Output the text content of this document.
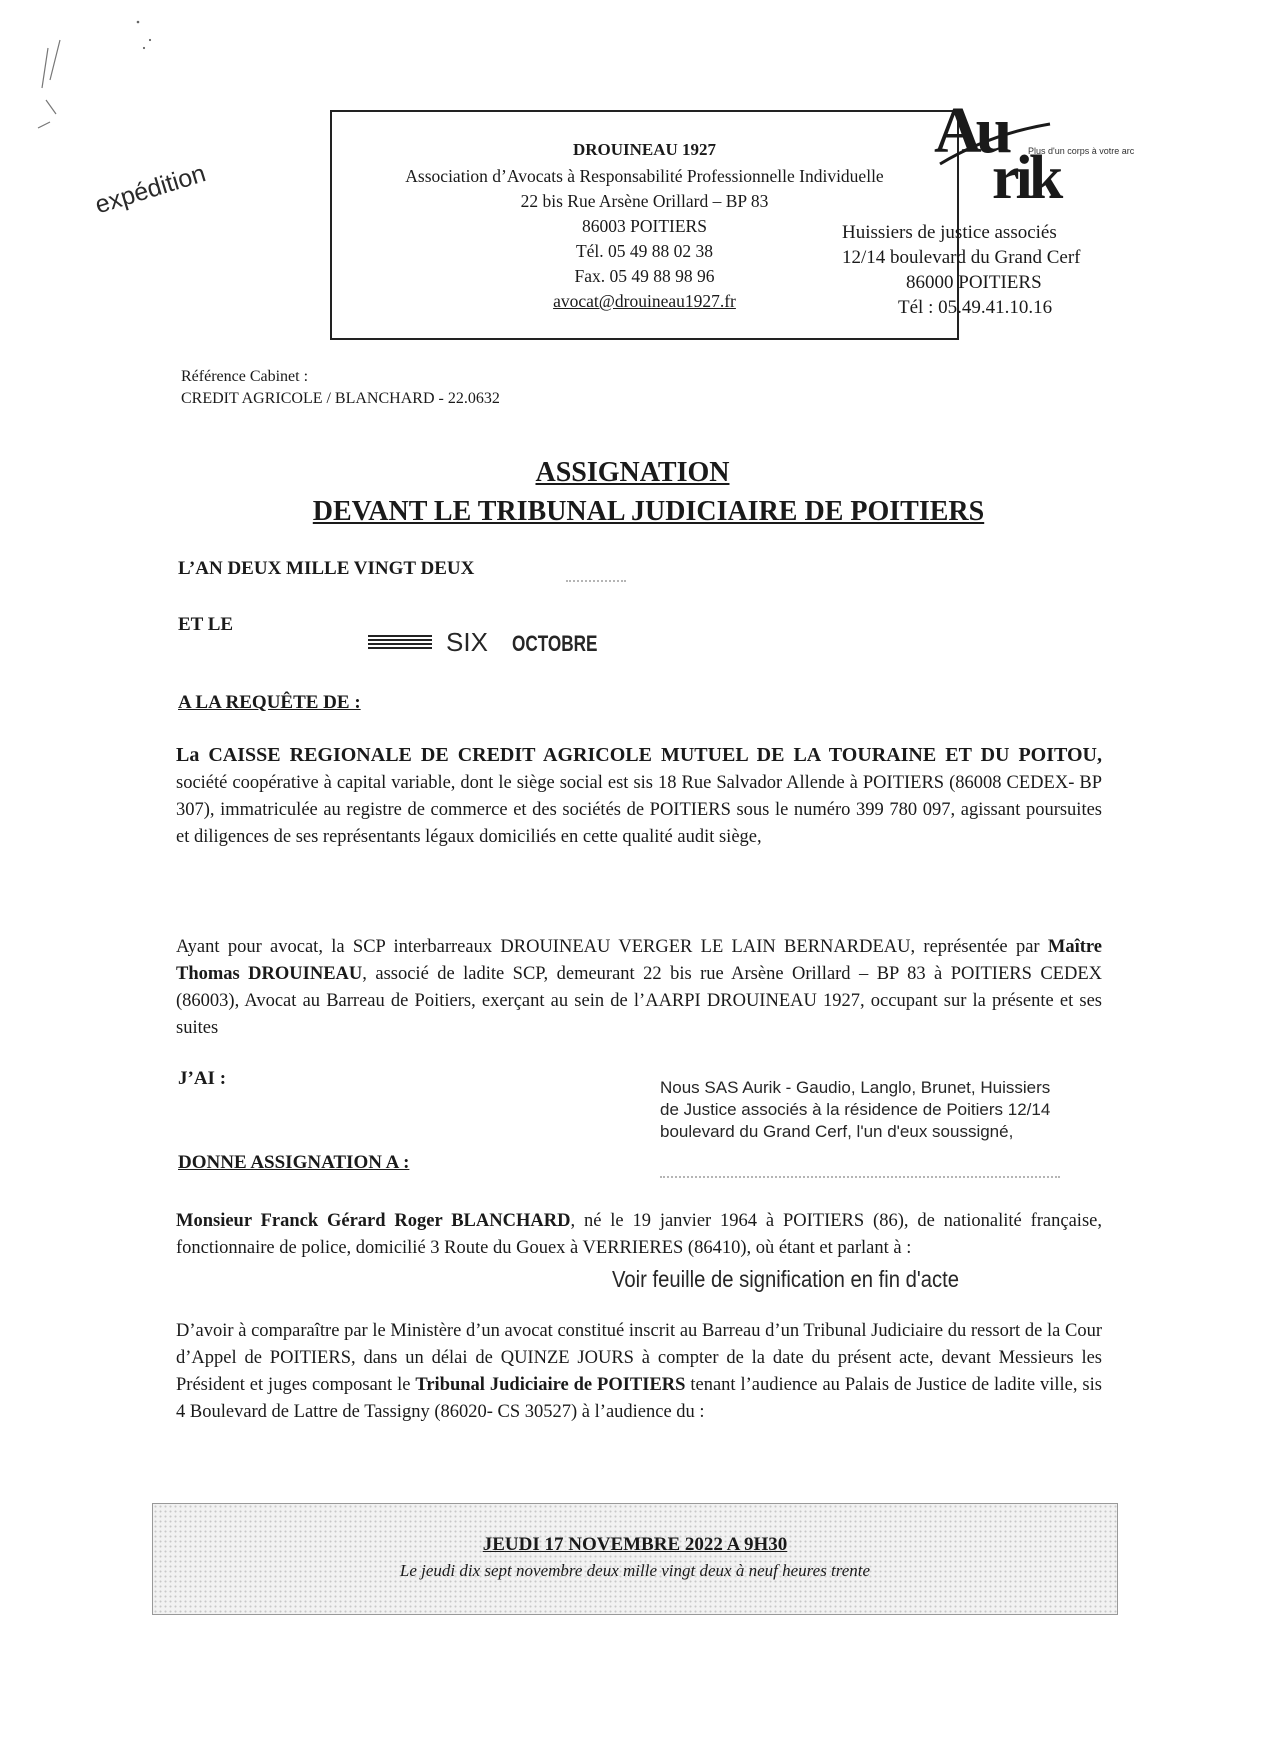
expédition
DROUINEAU 1927
Association d’Avocats à Responsabilité Professionnelle Individuelle
22 bis Rue Arsène Orillard – BP 83
86003 POITIERS
Tél. 05 49 88 02 38
Fax. 05 49 88 98 96
avocat@drouineau1927.fr
Au
rik
Plus d'un corps à votre arc
Huissiers de justice associés
12/14 boulevard du Grand Cerf
86000 POITIERS
Tél : 05.49.41.10.16
Référence Cabinet :
CREDIT AGRICOLE / BLANCHARD - 22.0632
ASSIGNATION
DEVANT LE TRIBUNAL JUDICIAIRE DE POITIERS
L’AN DEUX MILLE VINGT DEUX
ET LE
SIX OCTOBRE
A LA REQUÊTE DE :
La CAISSE REGIONALE DE CREDIT AGRICOLE MUTUEL DE LA TOURAINE ET DU POITOU, société coopérative à capital variable, dont le siège social est sis 18 Rue Salvador Allende à POITIERS (86008 CEDEX- BP 307), immatriculée au registre de commerce et des sociétés de POITIERS sous le numéro 399 780 097, agissant poursuites et diligences de ses représentants légaux domiciliés en cette qualité audit siège,
Ayant pour avocat, la SCP interbarreaux DROUINEAU VERGER LE LAIN BERNARDEAU, représentée par Maître Thomas DROUINEAU, associé de ladite SCP, demeurant 22 bis rue Arsène Orillard – BP 83 à POITIERS CEDEX (86003), Avocat au Barreau de Poitiers, exerçant au sein de l’AARPI DROUINEAU 1927, occupant sur la présente et ses suites
J’AI :	Nous SAS Aurik - Gaudio, Langlo, Brunet, Huissiers
de Justice associés à la résidence de Poitiers 12/14
boulevard du Grand Cerf, l'un d'eux soussigné,
DONNE ASSIGNATION A :
Monsieur Franck Gérard Roger BLANCHARD, né le 19 janvier 1964 à POITIERS (86), de nationalité française, fonctionnaire de police, domicilié 3 Route du Gouex à VERRIERES (86410), où étant et parlant à :
Voir feuille de signification en fin d'acte
D’avoir à comparaître par le Ministère d’un avocat constitué inscrit au Barreau d’un Tribunal Judiciaire du ressort de la Cour d’Appel de POITIERS, dans un délai de QUINZE JOURS à compter de la date du présent acte, devant Messieurs les Président et juges composant le Tribunal Judiciaire de POITIERS tenant l’audience au Palais de Justice de ladite ville, sis 4 Boulevard de Lattre de Tassigny (86020- CS 30527) à l’audience du :
JEUDI 17 NOVEMBRE 2022 A 9H30
Le jeudi dix sept novembre deux mille vingt deux à neuf heures trente
